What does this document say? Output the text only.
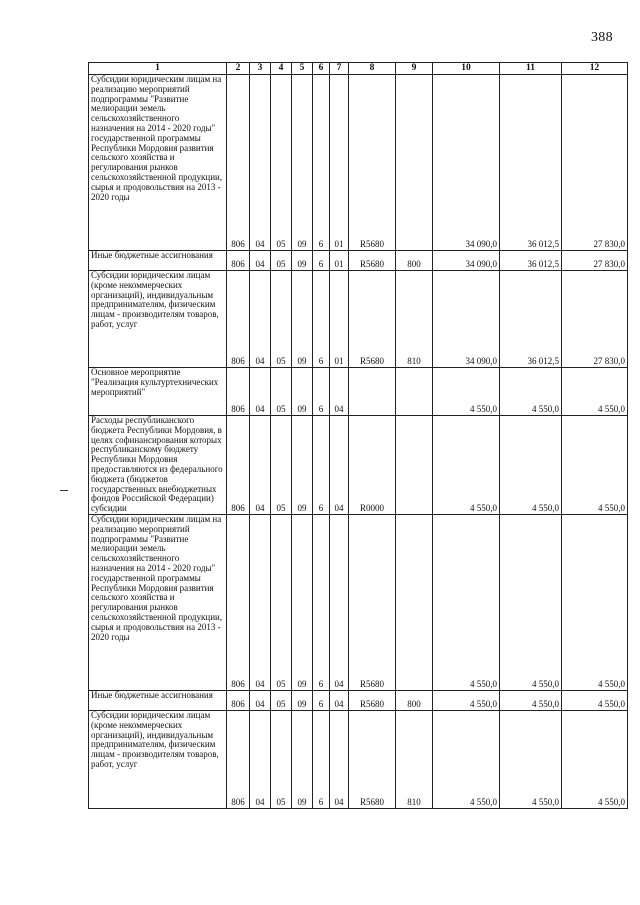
388
1	2	3	4	5	6	7	8	9	10	11	12
Субсидии юридическим лицам на реализацию мероприятий подпрограммы "Развитие мелиорации земель сельскохозяйственного назначения на 2014 - 2020 годы" государственной программы Республики Мордовия развития сельского хозяйства и регулирования рынков сельскохозяйственной продукции, сырья и продовольствия на 2013 - 2020 годы	806	04	05	09	6	01	R5680		34 090,0	36 012,5	27 830,0
Иные бюджетные ассигнования	806	04	05	09	6	01	R5680	800	34 090,0	36 012,5	27 830,0
Субсидии юридическим лицам (кроме некоммерческих организаций), индивидуальным предпринимателям, физическим лицам - производителям товаров, работ, услуг	806	04	05	09	6	01	R5680	810	34 090,0	36 012,5	27 830,0
Основное мероприятие "Реализация культуртехнических мероприятий"	806	04	05	09	6	04			4 550,0	4 550,0	4 550,0
Расходы республиканского бюджета Республики Мордовия, в целях софинансирования которых республиканскому бюджету Республики Мордовия предоставляются из федерального бюджета (бюджетов государственных внебюджетных фондов Российской Федерации) субсидии	806	04	05	09	6	04	R0000		4 550,0	4 550,0	4 550,0
Субсидии юридическим лицам на реализацию мероприятий подпрограммы "Развитие мелиорации земель сельскохозяйственного назначения на 2014 - 2020 годы" государственной программы Республики Мордовия развития сельского хозяйства и регулирования рынков сельскохозяйственной продукции, сырья и продовольствия на 2013 - 2020 годы	806	04	05	09	6	04	R5680		4 550,0	4 550,0	4 550,0
Иные бюджетные ассигнования	806	04	05	09	6	04	R5680	800	4 550,0	4 550,0	4 550,0
Субсидии юридическим лицам (кроме некоммерческих организаций), индивидуальным предпринимателям, физическим лицам - производителям товаров, работ, услуг	806	04	05	09	6	04	R5680	810	4 550,0	4 550,0	4 550,0
